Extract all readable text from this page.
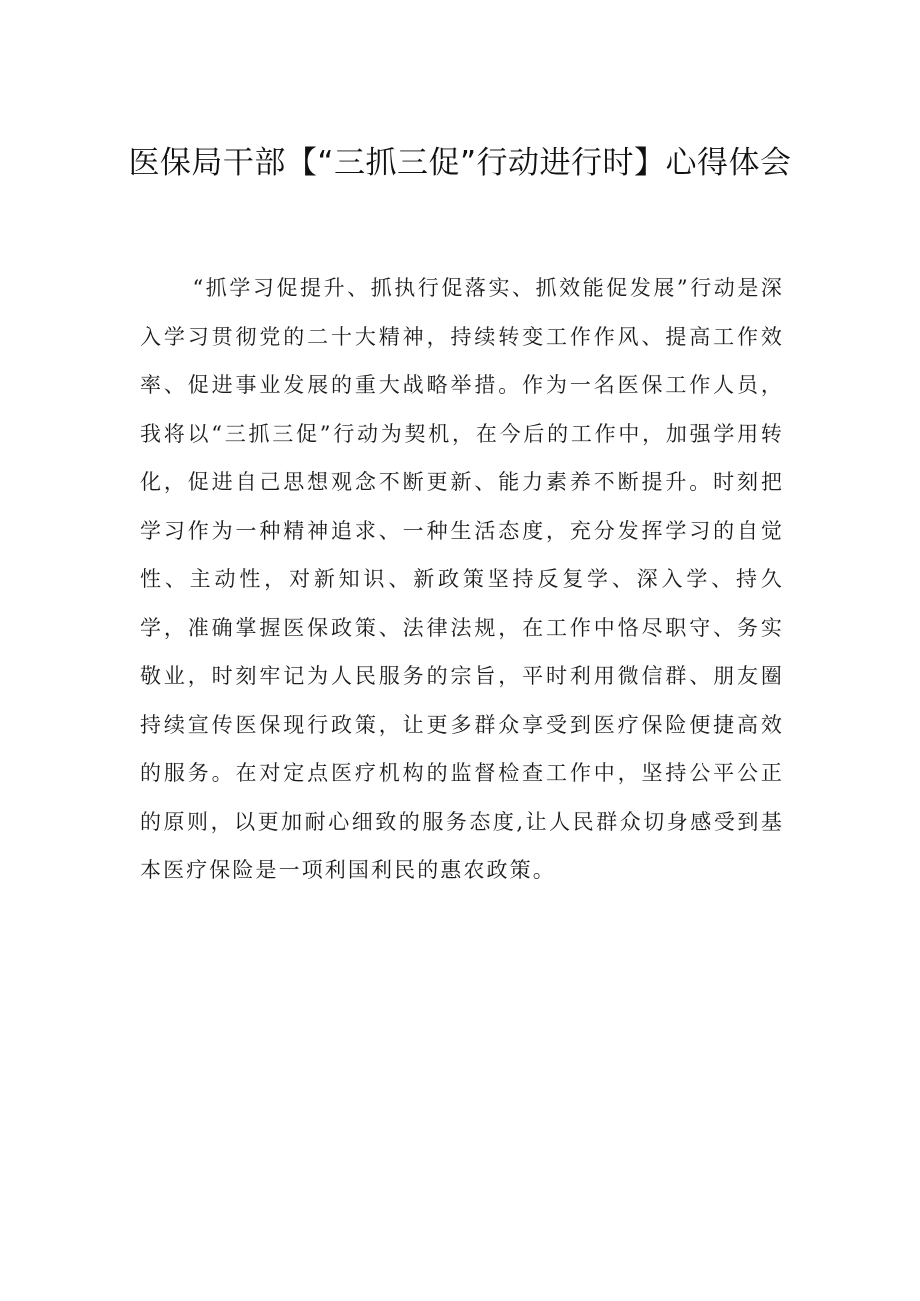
医保局干部【“三抓三促”行动进行时】心得体会

“抓学习促提升、抓执行促落实、抓效能促发展”行动是深入学习贯彻党的二十大精神，持续转变工作作风、提高工作效率、促进事业发展的重大战略举措。作为一名医保工作人员，我将以“三抓三促”行动为契机，在今后的工作中，加强学用转化，促进自己思想观念不断更新、能力素养不断提升。时刻把学习作为一种精神追求、一种生活态度，充分发挥学习的自觉性、主动性，对新知识、新政策坚持反复学、深入学、持久学，准确掌握医保政策、法律法规，在工作中恪尽职守、务实敬业，时刻牢记为人民服务的宗旨，平时利用微信群、朋友圈持续宣传医保现行政策，让更多群众享受到医疗保险便捷高效的服务。在对定点医疗机构的监督检查工作中，坚持公平公正的原则，以更加耐心细致的服务态度,让人民群众切身感受到基本医疗保险是一项利国利民的惠农政策。
